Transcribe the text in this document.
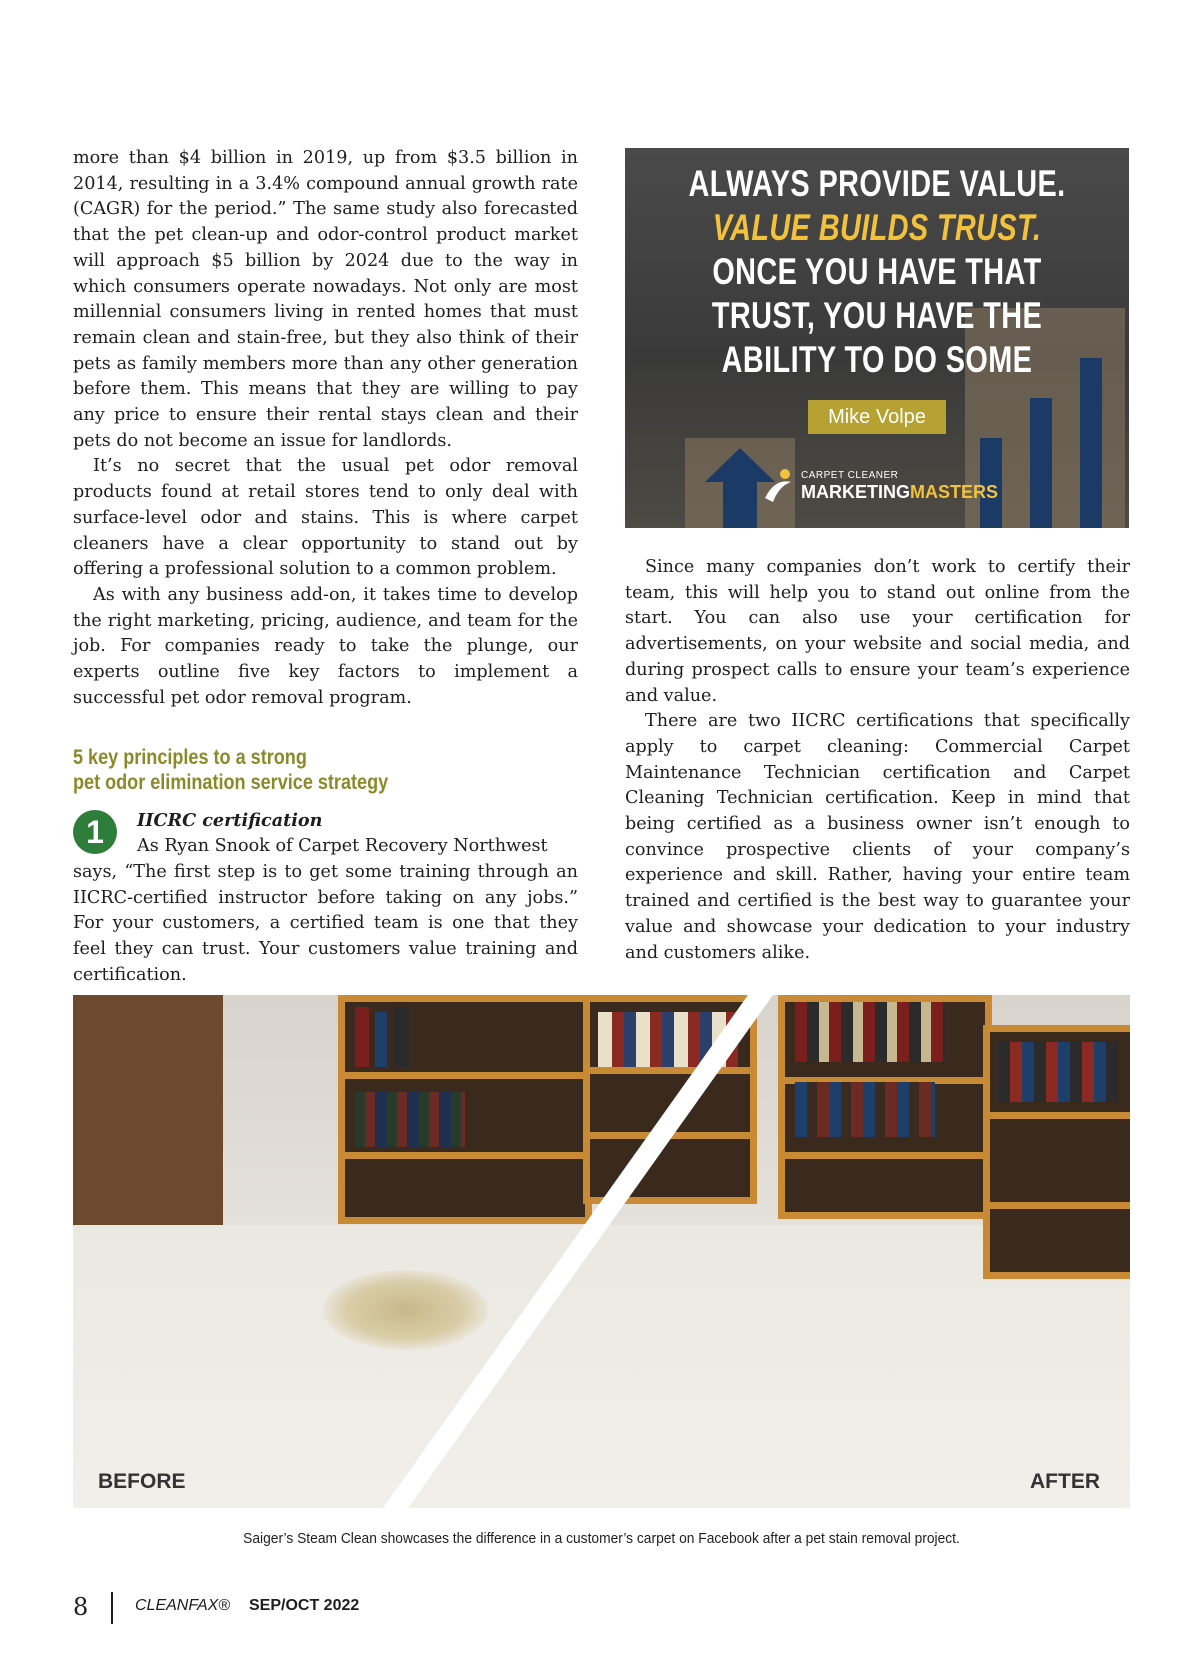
more than $4 billion in 2019, up from $3.5 billion in 2014, resulting in a 3.4% compound annual growth rate (CAGR) for the period.” The same study also forecasted that the pet clean-up and odor-control product market will approach $5 billion by 2024 due to the way in which consumers operate nowadays. Not only are most millennial consumers living in rented homes that must remain clean and stain-free, but they also think of their pets as family members more than any other generation before them. This means that they are willing to pay any price to ensure their rental stays clean and their pets do not become an issue for landlords.

It’s no secret that the usual pet odor removal products found at retail stores tend to only deal with surface-level odor and stains. This is where carpet cleaners have a clear opportunity to stand out by offering a professional solution to a common problem.

As with any business add-on, it takes time to develop the right marketing, pricing, audience, and team for the job. For companies ready to take the plunge, our experts outline five key factors to implement a successful pet odor removal program.

5 key principles to a strong
pet odor elimination service strategy
1	IICRC certification
As Ryan Snook of Carpet Recovery Northwest

says, “The first step is to get some training through an IICRC-certified instructor before taking on any jobs.” For your customers, a certified team is one that they feel they can trust. Your customers value training and certification.

ALWAYS PROVIDE VALUE.
VALUE BUILDS TRUST.
ONCE YOU HAVE THAT
TRUST, YOU HAVE THE
ABILITY TO DO SOME
Mike Volpe
CARPET CLEANER
MARKETINGMASTERS

Since many companies don’t work to certify their team, this will help you to stand out online from the start. You can also use your certification for advertisements, on your website and social media, and during prospect calls to ensure your team’s experience and value.

There are two IICRC certifications that specifically apply to carpet cleaning: Commercial Carpet Maintenance Technician certification and Carpet Cleaning Technician certification. Keep in mind that being certified as a business owner isn’t enough to convince prospective clients of your company’s experience and skill. Rather, having your entire team trained and certified is the best way to guarantee your value and showcase your dedication to your industry and customers alike.

BEFORE	AFTER
Saiger’s Steam Clean showcases the difference in a customer’s carpet on Facebook after a pet stain removal project.
8	CLEANFAX® SEP/OCT 2022
